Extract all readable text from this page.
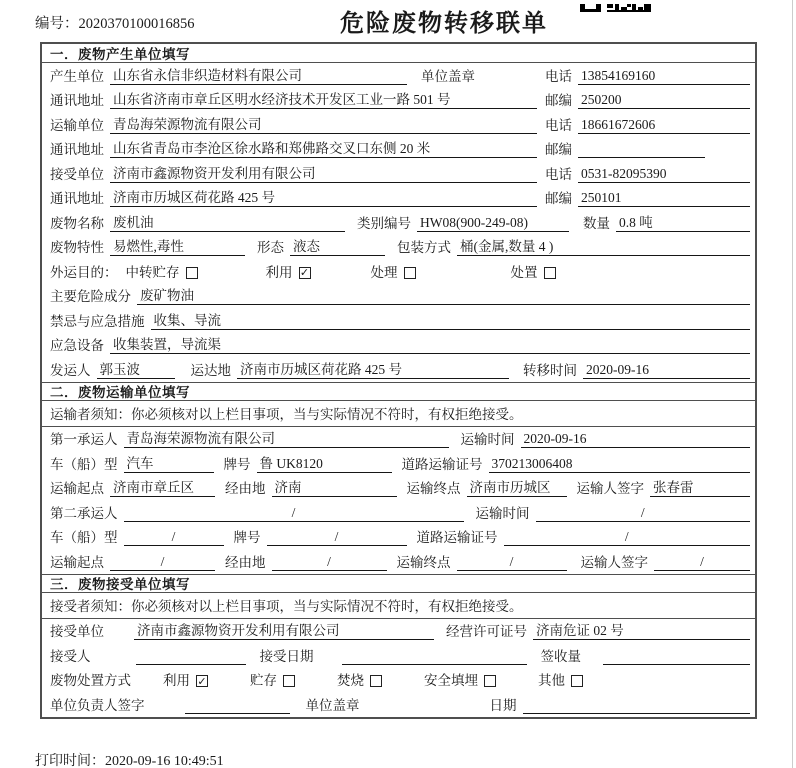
编号：2020370100016856	危险废物转移联单
一．废物产生单位填写
产生单位 山东省永信非织造材料有限公司	单位盖章	电话 13854169160
通讯地址 山东省济南市章丘区明水经济技术开发区工业一路 501 号	邮编 250200
运输单位 青岛海荣源物流有限公司	电话 18661672606
通讯地址 山东省青岛市李沧区徐水路和郑佛路交叉口东侧 20 米	邮编
接受单位 济南市鑫源物资开发利用有限公司	电话 0531-82095390
通讯地址 济南市历城区荷花路 425 号	邮编 250101
废物名称 废机油	类别编号 HW08(900-249-08)	数量 0.8 吨
废物特性 易燃性,毒性	形态 液态	包装方式 桶(金属,数量 4 )
外运目的： 中转贮存	利用 ✓	处理	处置
主要危险成分 废矿物油
禁忌与应急措施 收集、导流
应急设备 收集装置，导流渠
发运人 郭玉波	运达地 济南市历城区荷花路 425 号	转移时间 2020-09-16
二．废物运输单位填写
运输者须知：你必须核对以上栏目事项，当与实际情况不符时，有权拒绝接受。
第一承运人 青岛海荣源物流有限公司	运输时间 2020-09-16
车（船）型 汽车	牌号 鲁 UK8120	道路运输证号 370213006408
运输起点 济南市章丘区	经由地 济南	运输终点 济南市历城区	运输人签字 张春雷
第二承运人	/	运输时间	/
车（船）型	/	牌号	/	道路运输证号	/
运输起点	/	经由地	/	运输终点	/	运输人签字	/
三．废物接受单位填写
接受者须知：你必须核对以上栏目事项，当与实际情况不符时，有权拒绝接受。
接受单位 济南市鑫源物资开发利用有限公司	经营许可证号 济南危证 02 号
接受人	接受日期	签收量
废物处置方式 利用 ✓	贮存	焚烧	安全填埋	其他
单位负责人签字	单位盖章	日期
打印时间：2020-09-16 10:49:51
